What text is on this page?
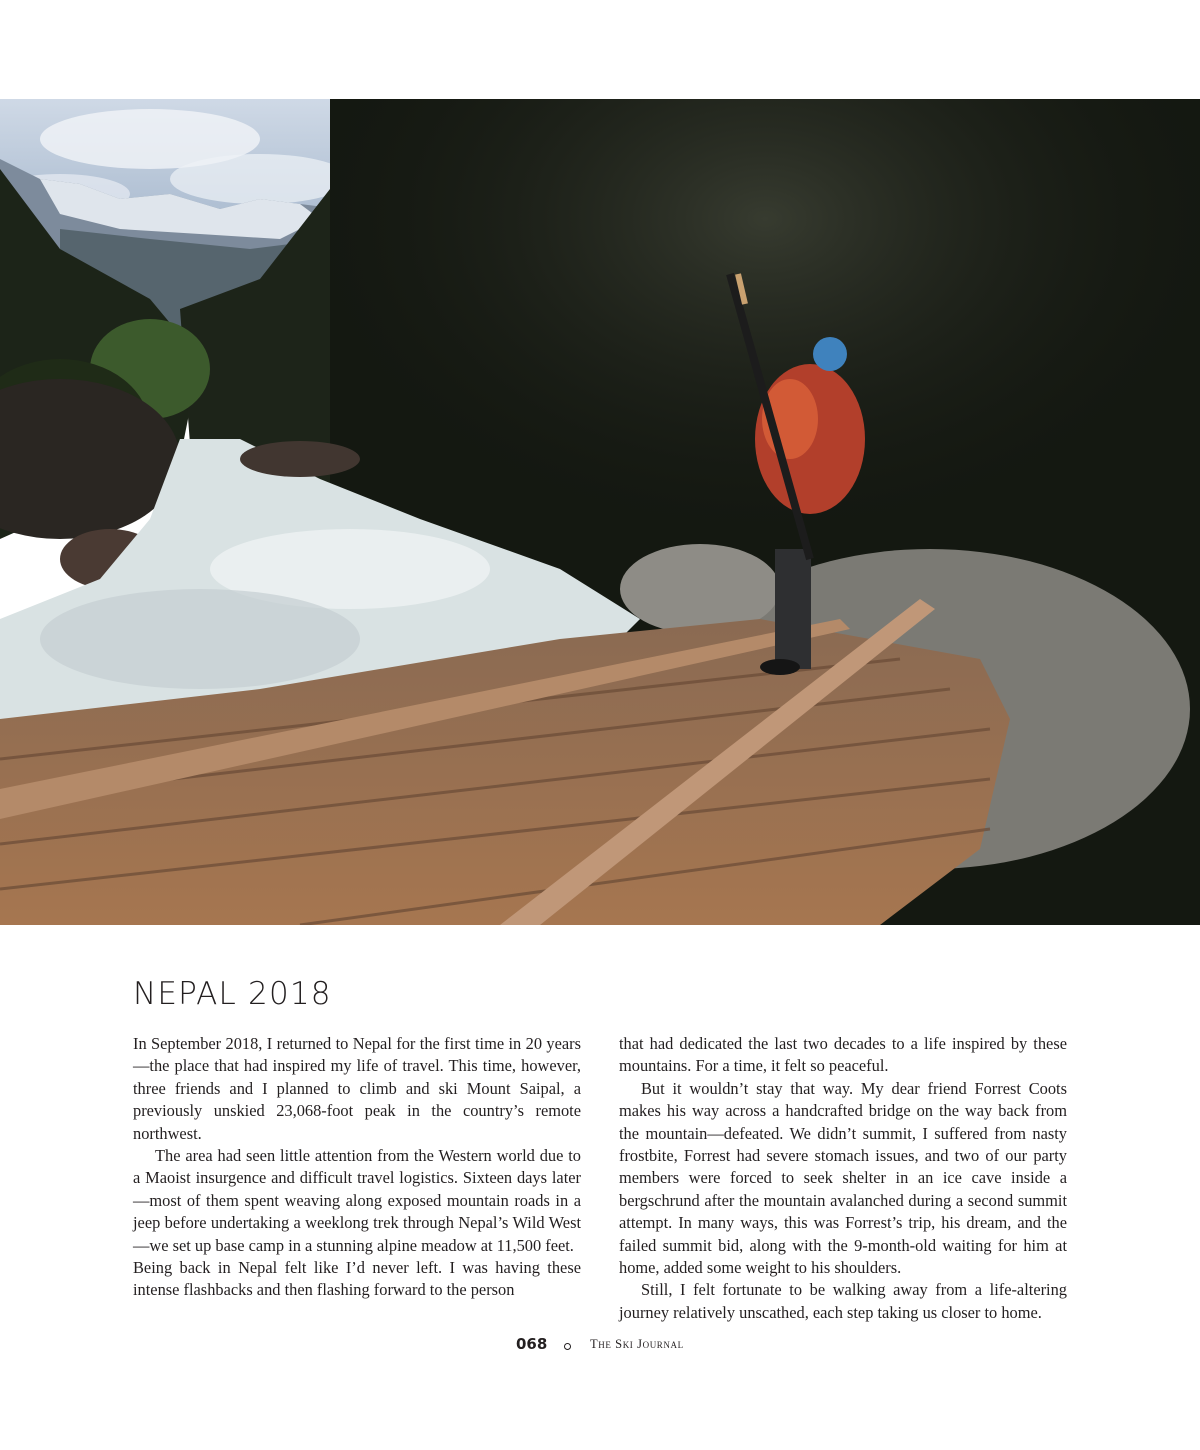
NEPAL 2018

In September 2018, I returned to Nepal for the first time in 20 years—the place that had inspired my life of travel. This time, however, three friends and I planned to climb and ski Mount Saipal, a previously unskied 23,068-foot peak in the country’s remote northwest.

The area had seen little attention from the Western world due to a Maoist insurgence and difficult travel logistics. Sixteen days later—most of them spent weaving along exposed mountain roads in a jeep before undertaking a weeklong trek through Nepal’s Wild West—we set up base camp in a stunning alpine meadow at 11,500 feet.

Being back in Nepal felt like I’d never left. I was having these intense flashbacks and then flashing forward to the person

that had dedicated the last two decades to a life inspired by these mountains. For a time, it felt so peaceful.

But it wouldn’t stay that way. My dear friend Forrest Coots makes his way across a handcrafted bridge on the way back from the mountain—defeated. We didn’t summit, I suffered from nasty frostbite, Forrest had severe stomach issues, and two of our party members were forced to seek shelter in an ice cave inside a bergschrund after the mountain avalanched during a second summit attempt. In many ways, this was Forrest’s trip, his dream, and the failed summit bid, along with the 9-month-old waiting for him at home, added some weight to his shoulders.

Still, I felt fortunate to be walking away from a life-altering journey relatively unscathed, each step taking us closer to home.

068	The Ski Journal
